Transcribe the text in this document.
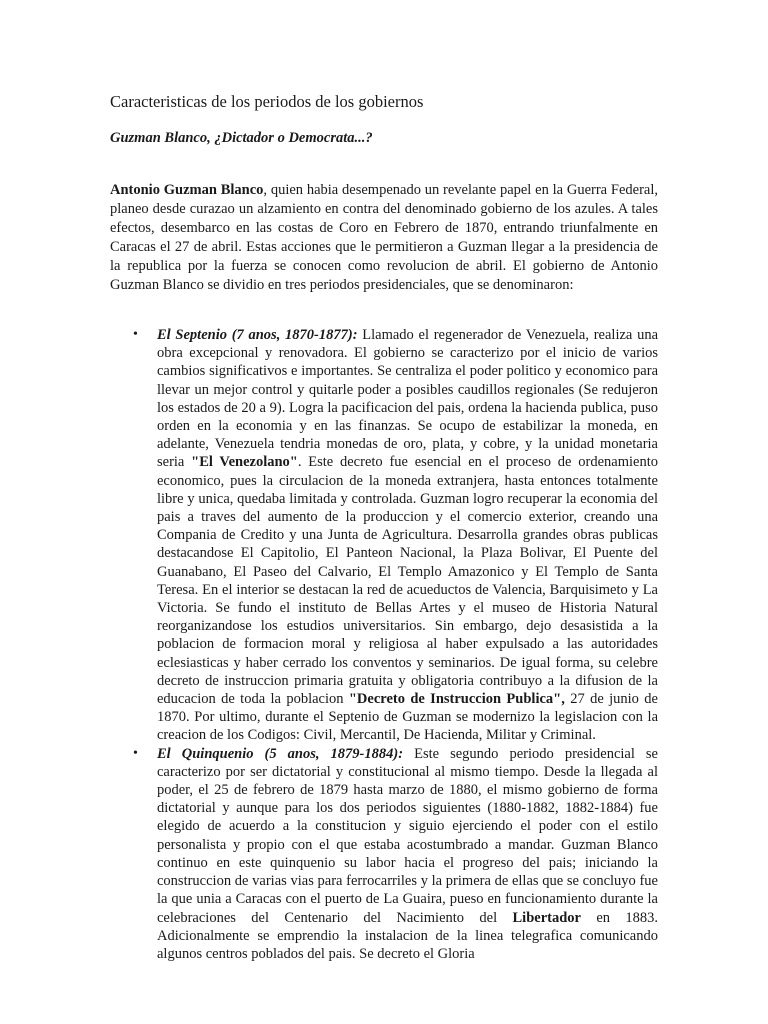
Caracteristicas de los periodos de los gobiernos
Guzman Blanco, ¿Dictador o Democrata...?

Antonio Guzman Blanco, quien habia desempenado un revelante papel en la Guerra Federal, planeo desde curazao un alzamiento en contra del denominado gobierno de los azules. A tales efectos, desembarco en las costas de Coro en Febrero de 1870, entrando triunfalmente en Caracas el 27 de abril. Estas acciones que le permitieron a Guzman llegar a la presidencia de la republica por la fuerza se conocen como revolucion de abril. El gobierno de Antonio Guzman Blanco se dividio en tres periodos presidenciales, que se denominaron:

• El Septenio (7 anos, 1870-1877): Llamado el regenerador de Venezuela, realiza una obra excepcional y renovadora. El gobierno se caracterizo por el inicio de varios cambios significativos e importantes. Se centraliza el poder politico y economico para llevar un mejor control y quitarle poder a posibles caudillos regionales (Se redujeron los estados de 20 a 9). Logra la pacificacion del pais, ordena la hacienda publica, puso orden en la economia y en las finanzas. Se ocupo de estabilizar la moneda, en adelante, Venezuela tendria monedas de oro, plata, y cobre, y la unidad monetaria seria "El Venezolano". Este decreto fue esencial en el proceso de ordenamiento economico, pues la circulacion de la moneda extranjera, hasta entonces totalmente libre y unica, quedaba limitada y controlada. Guzman logro recuperar la economia del pais a traves del aumento de la produccion y el comercio exterior, creando una Compania de Credito y una Junta de Agricultura. Desarrolla grandes obras publicas destacandose El Capitolio, El Panteon Nacional, la Plaza Bolivar, El Puente del Guanabano, El Paseo del Calvario, El Templo Amazonico y El Templo de Santa Teresa. En el interior se destacan la red de acueductos de Valencia, Barquisimeto y La Victoria. Se fundo el instituto de Bellas Artes y el museo de Historia Natural reorganizandose los estudios universitarios. Sin embargo, dejo desasistida a la poblacion de formacion moral y religiosa al haber expulsado a las autoridades eclesiasticas y haber cerrado los conventos y seminarios. De igual forma, su celebre decreto de instruccion primaria gratuita y obligatoria contribuyo a la difusion de la educacion de toda la poblacion "Decreto de Instruccion Publica", 27 de junio de 1870. Por ultimo, durante el Septenio de Guzman se modernizo la legislacion con la creacion de los Codigos: Civil, Mercantil, De Hacienda, Militar y Criminal.
• El Quinquenio (5 anos, 1879-1884): Este segundo periodo presidencial se caracterizo por ser dictatorial y constitucional al mismo tiempo. Desde la llegada al poder, el 25 de febrero de 1879 hasta marzo de 1880, el mismo gobierno de forma dictatorial y aunque para los dos periodos siguientes (1880-1882, 1882-1884) fue elegido de acuerdo a la constitucion y siguio ejerciendo el poder con el estilo personalista y propio con el que estaba acostumbrado a mandar. Guzman Blanco continuo en este quinquenio su labor hacia el progreso del pais; iniciando la construccion de varias vias para ferrocarriles y la primera de ellas que se concluyo fue la que unia a Caracas con el puerto de La Guaira, pueso en funcionamiento durante la celebraciones del Centenario del Nacimiento del Libertador en 1883. Adicionalmente se emprendio la instalacion de la linea telegrafica comunicando algunos centros poblados del pais. Se decreto el Gloria
